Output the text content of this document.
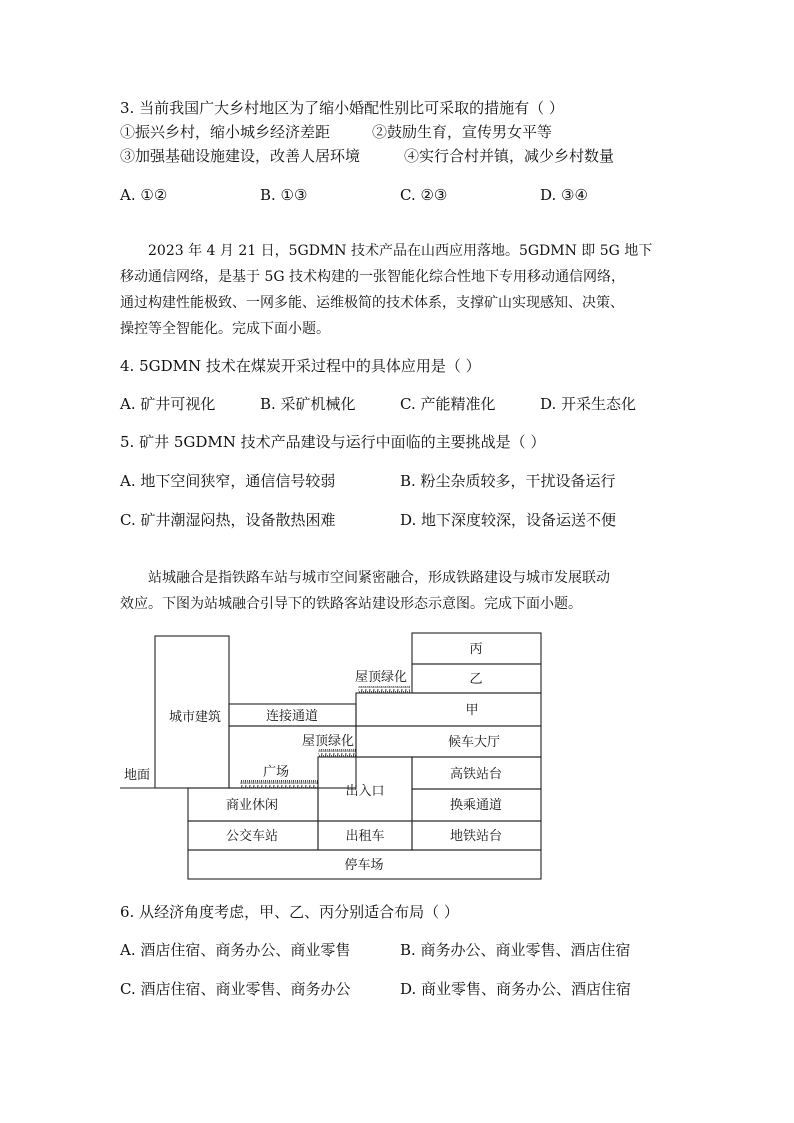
3. 当前我国广大乡村地区为了缩小婚配性别比可采取的措施有（ ）
①振兴乡村，缩小城乡经济差距	②鼓励生育，宣传男女平等
③加强基础设施建设，改善人居环境	④实行合村并镇，减少乡村数量
A. ①②	B. ①③	C. ②③	D. ③④
2023 年 4 月 21 日，5GDMN 技术产品在山西应用落地。5GDMN 即 5G 地下
移动通信网络，是基于 5G 技术构建的一张智能化综合性地下专用移动通信网络，
通过构建性能极致、一网多能、运维极简的技术体系，支撑矿山实现感知、决策、
操控等全智能化。完成下面小题。
4. 5GDMN 技术在煤炭开采过程中的具体应用是（ ）
A. 矿井可视化	B. 采矿机械化	C. 产能精准化	D. 开采生态化
5. 矿井 5GDMN 技术产品建设与运行中面临的主要挑战是（ ）
A. 地下空间狭窄，通信信号较弱	B. 粉尘杂质较多，干扰设备运行
C. 矿井潮湿闷热，设备散热困难	D. 地下深度较深，设备运送不便
站城融合是指铁路车站与城市空间紧密融合，形成铁路建设与城市发展联动
效应。下图为站城融合引导下的铁路客站建设形态示意图。完成下面小题。
丙
乙
屋顶绿化
甲
城市建筑	连接通道
屋顶绿化	候车大厅
广场
出入口
高铁站台
地面
商业休闲	换乘通道
公交车站	出租车	地铁站台
停车场
6. 从经济角度考虑，甲、乙、丙分别适合布局（ ）
A. 酒店住宿、商务办公、商业零售	B. 商务办公、商业零售、酒店住宿
C. 酒店住宿、商业零售、商务办公	D. 商业零售、商务办公、酒店住宿
